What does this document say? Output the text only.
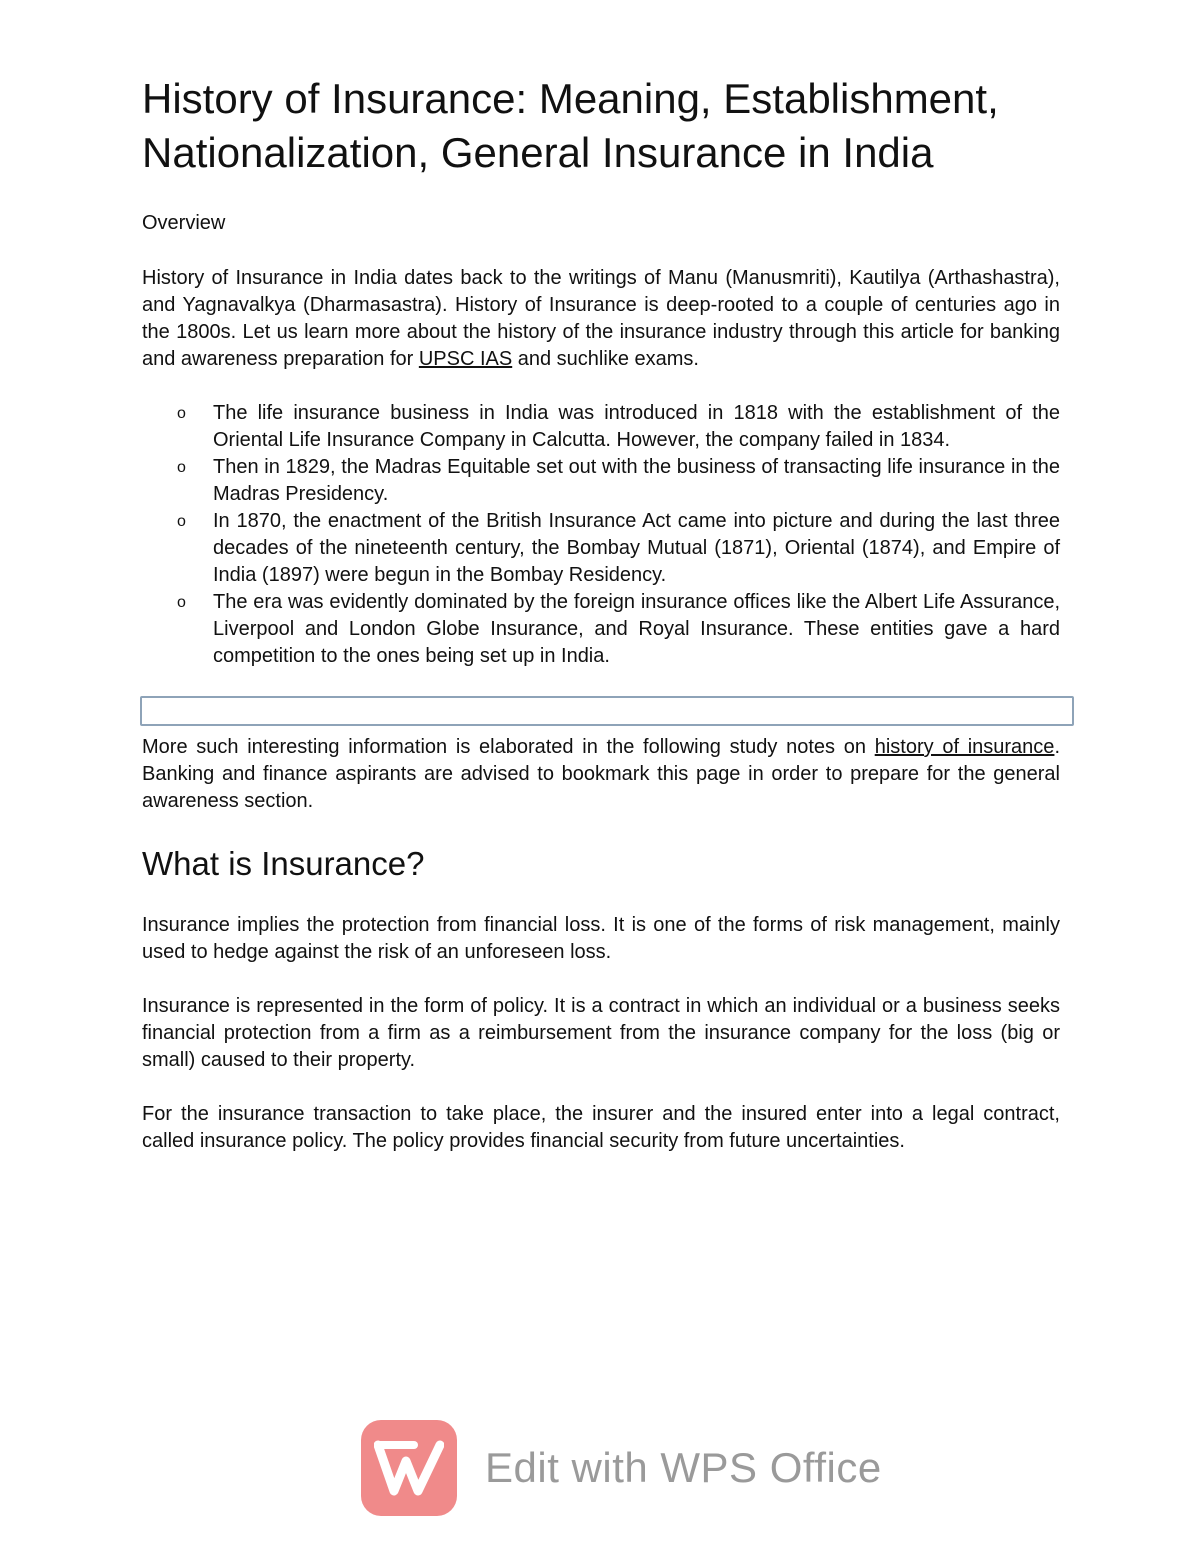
History of Insurance: Meaning, Establishment, Nationalization, General Insurance in India

Overview

History of Insurance in India dates back to the writings of Manu (Manusmriti), Kautilya (Arthashastra), and Yagnavalkya (Dharmasastra). History of Insurance is deep-rooted to a couple of centuries ago in the 1800s. Let us learn more about the history of the insurance industry through this article for banking and awareness preparation for UPSC IAS and suchlike exams.

o The life insurance business in India was introduced in 1818 with the establishment of the Oriental Life Insurance Company in Calcutta. However, the company failed in 1834.
o Then in 1829, the Madras Equitable set out with the business of transacting life insurance in the Madras Presidency.
o In 1870, the enactment of the British Insurance Act came into picture and during the last three decades of the nineteenth century, the Bombay Mutual (1871), Oriental (1874), and Empire of India (1897) were begun in the Bombay Residency.
o The era was evidently dominated by the foreign insurance offices like the Albert Life Assurance, Liverpool and London Globe Insurance, and Royal Insurance. These entities gave a hard competition to the ones being set up in India.

More such interesting information is elaborated in the following study notes on history of insurance. Banking and finance aspirants are advised to bookmark this page in order to prepare for the general awareness section.

What is Insurance?

Insurance implies the protection from financial loss. It is one of the forms of risk management, mainly used to hedge against the risk of an unforeseen loss.

Insurance is represented in the form of policy. It is a contract in which an individual or a business seeks financial protection from a firm as a reimbursement from the insurance company for the loss (big or small) caused to their property.

For the insurance transaction to take place, the insurer and the insured enter into a legal contract, called insurance policy. The policy provides financial security from future uncertainties.

Edit with WPS Office
